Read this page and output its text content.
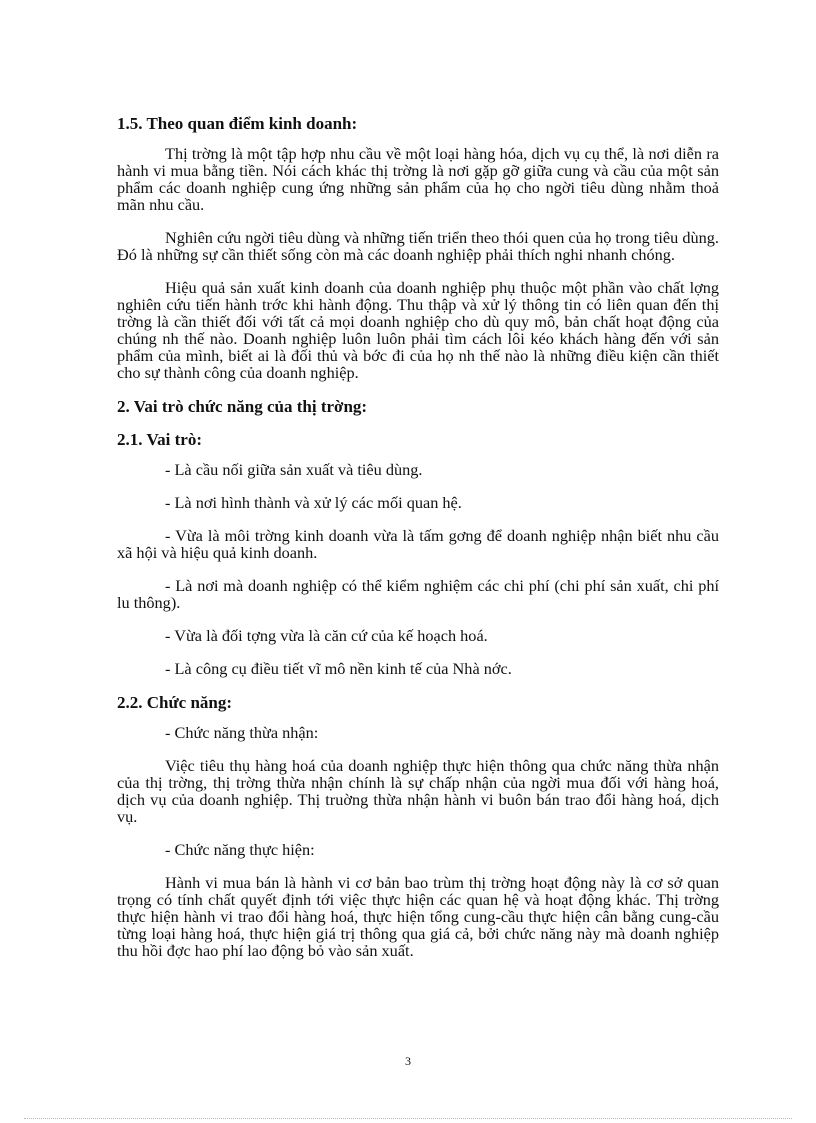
1.5. Theo quan điểm kinh doanh:

Thị trờng là một tập hợp nhu cầu về một loại hàng hóa, dịch vụ cụ thể, là nơi diễn ra hành vi mua bằng tiền. Nói cách khác thị trờng là nơi gặp gỡ giữa cung và cầu của một sản phẩm các doanh nghiệp cung ứng những sản phẩm của họ cho ngời tiêu dùng nhằm thoả mãn nhu cầu.

Nghiên cứu ngời tiêu dùng và những tiến triển theo thói quen của họ trong tiêu dùng. Đó là những sự cần thiết sống còn mà các doanh nghiệp phải thích nghi nhanh chóng.

Hiệu quả sản xuất kinh doanh của doanh nghiệp phụ thuộc một phần vào chất lợng nghiên cứu tiến hành trớc khi hành động. Thu thập và xử lý thông tin có liên quan đến thị trờng là cần thiết đối với tất cả mọi doanh nghiệp cho dù quy mô, bản chất hoạt động của chúng nh thế nào. Doanh nghiệp luôn luôn phải tìm cách lôi kéo khách hàng đến với sản phẩm của mình, biết ai là đối thủ và bớc đi của họ nh thế nào là những điều kiện cần thiết cho sự thành công của doanh nghiệp.

2. Vai trò chức năng của thị trờng:
2.1. Vai trò:

- Là cầu nối giữa sản xuất và tiêu dùng.

- Là nơi hình thành và xử lý các mối quan hệ.

- Vừa là môi trờng kinh doanh vừa là tấm gơng để doanh nghiệp nhận biết nhu cầu xã hội và hiệu quả kinh doanh.

- Là nơi mà doanh nghiệp có thể kiểm nghiệm các chi phí (chi phí sản xuất, chi phí lu thông).

- Vừa là đối tợng vừa là căn cứ của kế hoạch hoá.

- Là công cụ điều tiết vĩ mô nền kinh tế của Nhà nớc.

2.2. Chức năng:

- Chức năng thừa nhận:

Việc tiêu thụ hàng hoá của doanh nghiệp thực hiện thông qua chức năng thừa nhận của thị trờng, thị trờng thừa nhận chính là sự chấp nhận của ngời mua đối với hàng hoá, dịch vụ của doanh nghiệp. Thị truờng thừa nhận hành vi buôn bán trao đổi hàng hoá, dịch vụ.

- Chức năng thực hiện:

Hành vi mua bán là hành vi cơ bản bao trùm thị trờng hoạt động này là cơ sở quan trọng có tính chất quyết định tới việc thực hiện các quan hệ và hoạt động khác. Thị trờng thực hiện hành vi trao đổi hàng hoá, thực hiện tổng cung-cầu thực hiện cân bằng cung-cầu từng loại hàng hoá, thực hiện giá trị thông qua giá cả, bởi chức năng này mà doanh nghiệp thu hồi đợc hao phí lao động bỏ vào sản xuất.

3
